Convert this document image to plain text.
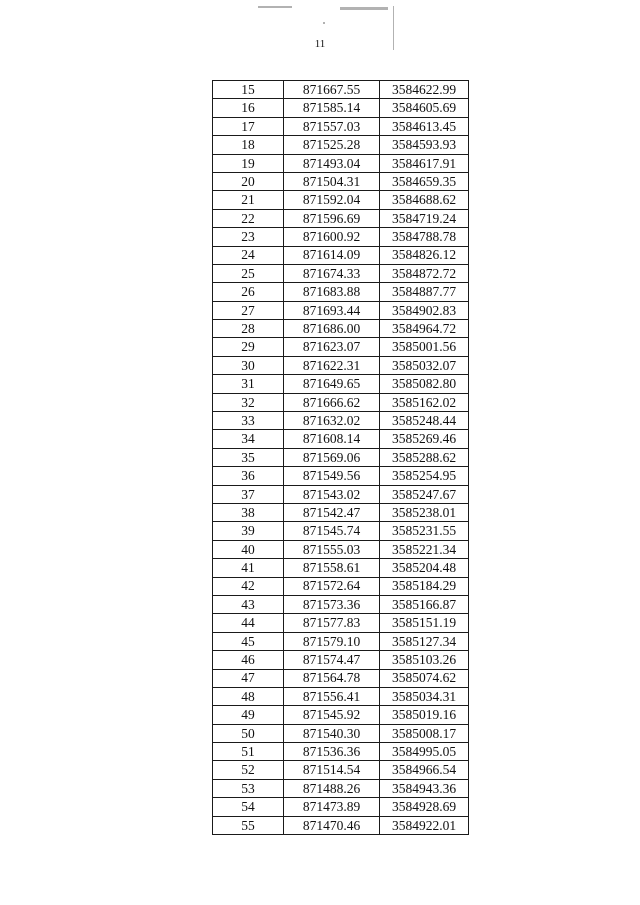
11
15	871667.55	3584622.99
16	871585.14	3584605.69
17	871557.03	3584613.45
18	871525.28	3584593.93
19	871493.04	3584617.91
20	871504.31	3584659.35
21	871592.04	3584688.62
22	871596.69	3584719.24
23	871600.92	3584788.78
24	871614.09	3584826.12
25	871674.33	3584872.72
26	871683.88	3584887.77
27	871693.44	3584902.83
28	871686.00	3584964.72
29	871623.07	3585001.56
30	871622.31	3585032.07
31	871649.65	3585082.80
32	871666.62	3585162.02
33	871632.02	3585248.44
34	871608.14	3585269.46
35	871569.06	3585288.62
36	871549.56	3585254.95
37	871543.02	3585247.67
38	871542.47	3585238.01
39	871545.74	3585231.55
40	871555.03	3585221.34
41	871558.61	3585204.48
42	871572.64	3585184.29
43	871573.36	3585166.87
44	871577.83	3585151.19
45	871579.10	3585127.34
46	871574.47	3585103.26
47	871564.78	3585074.62
48	871556.41	3585034.31
49	871545.92	3585019.16
50	871540.30	3585008.17
51	871536.36	3584995.05
52	871514.54	3584966.54
53	871488.26	3584943.36
54	871473.89	3584928.69
55	871470.46	3584922.01
